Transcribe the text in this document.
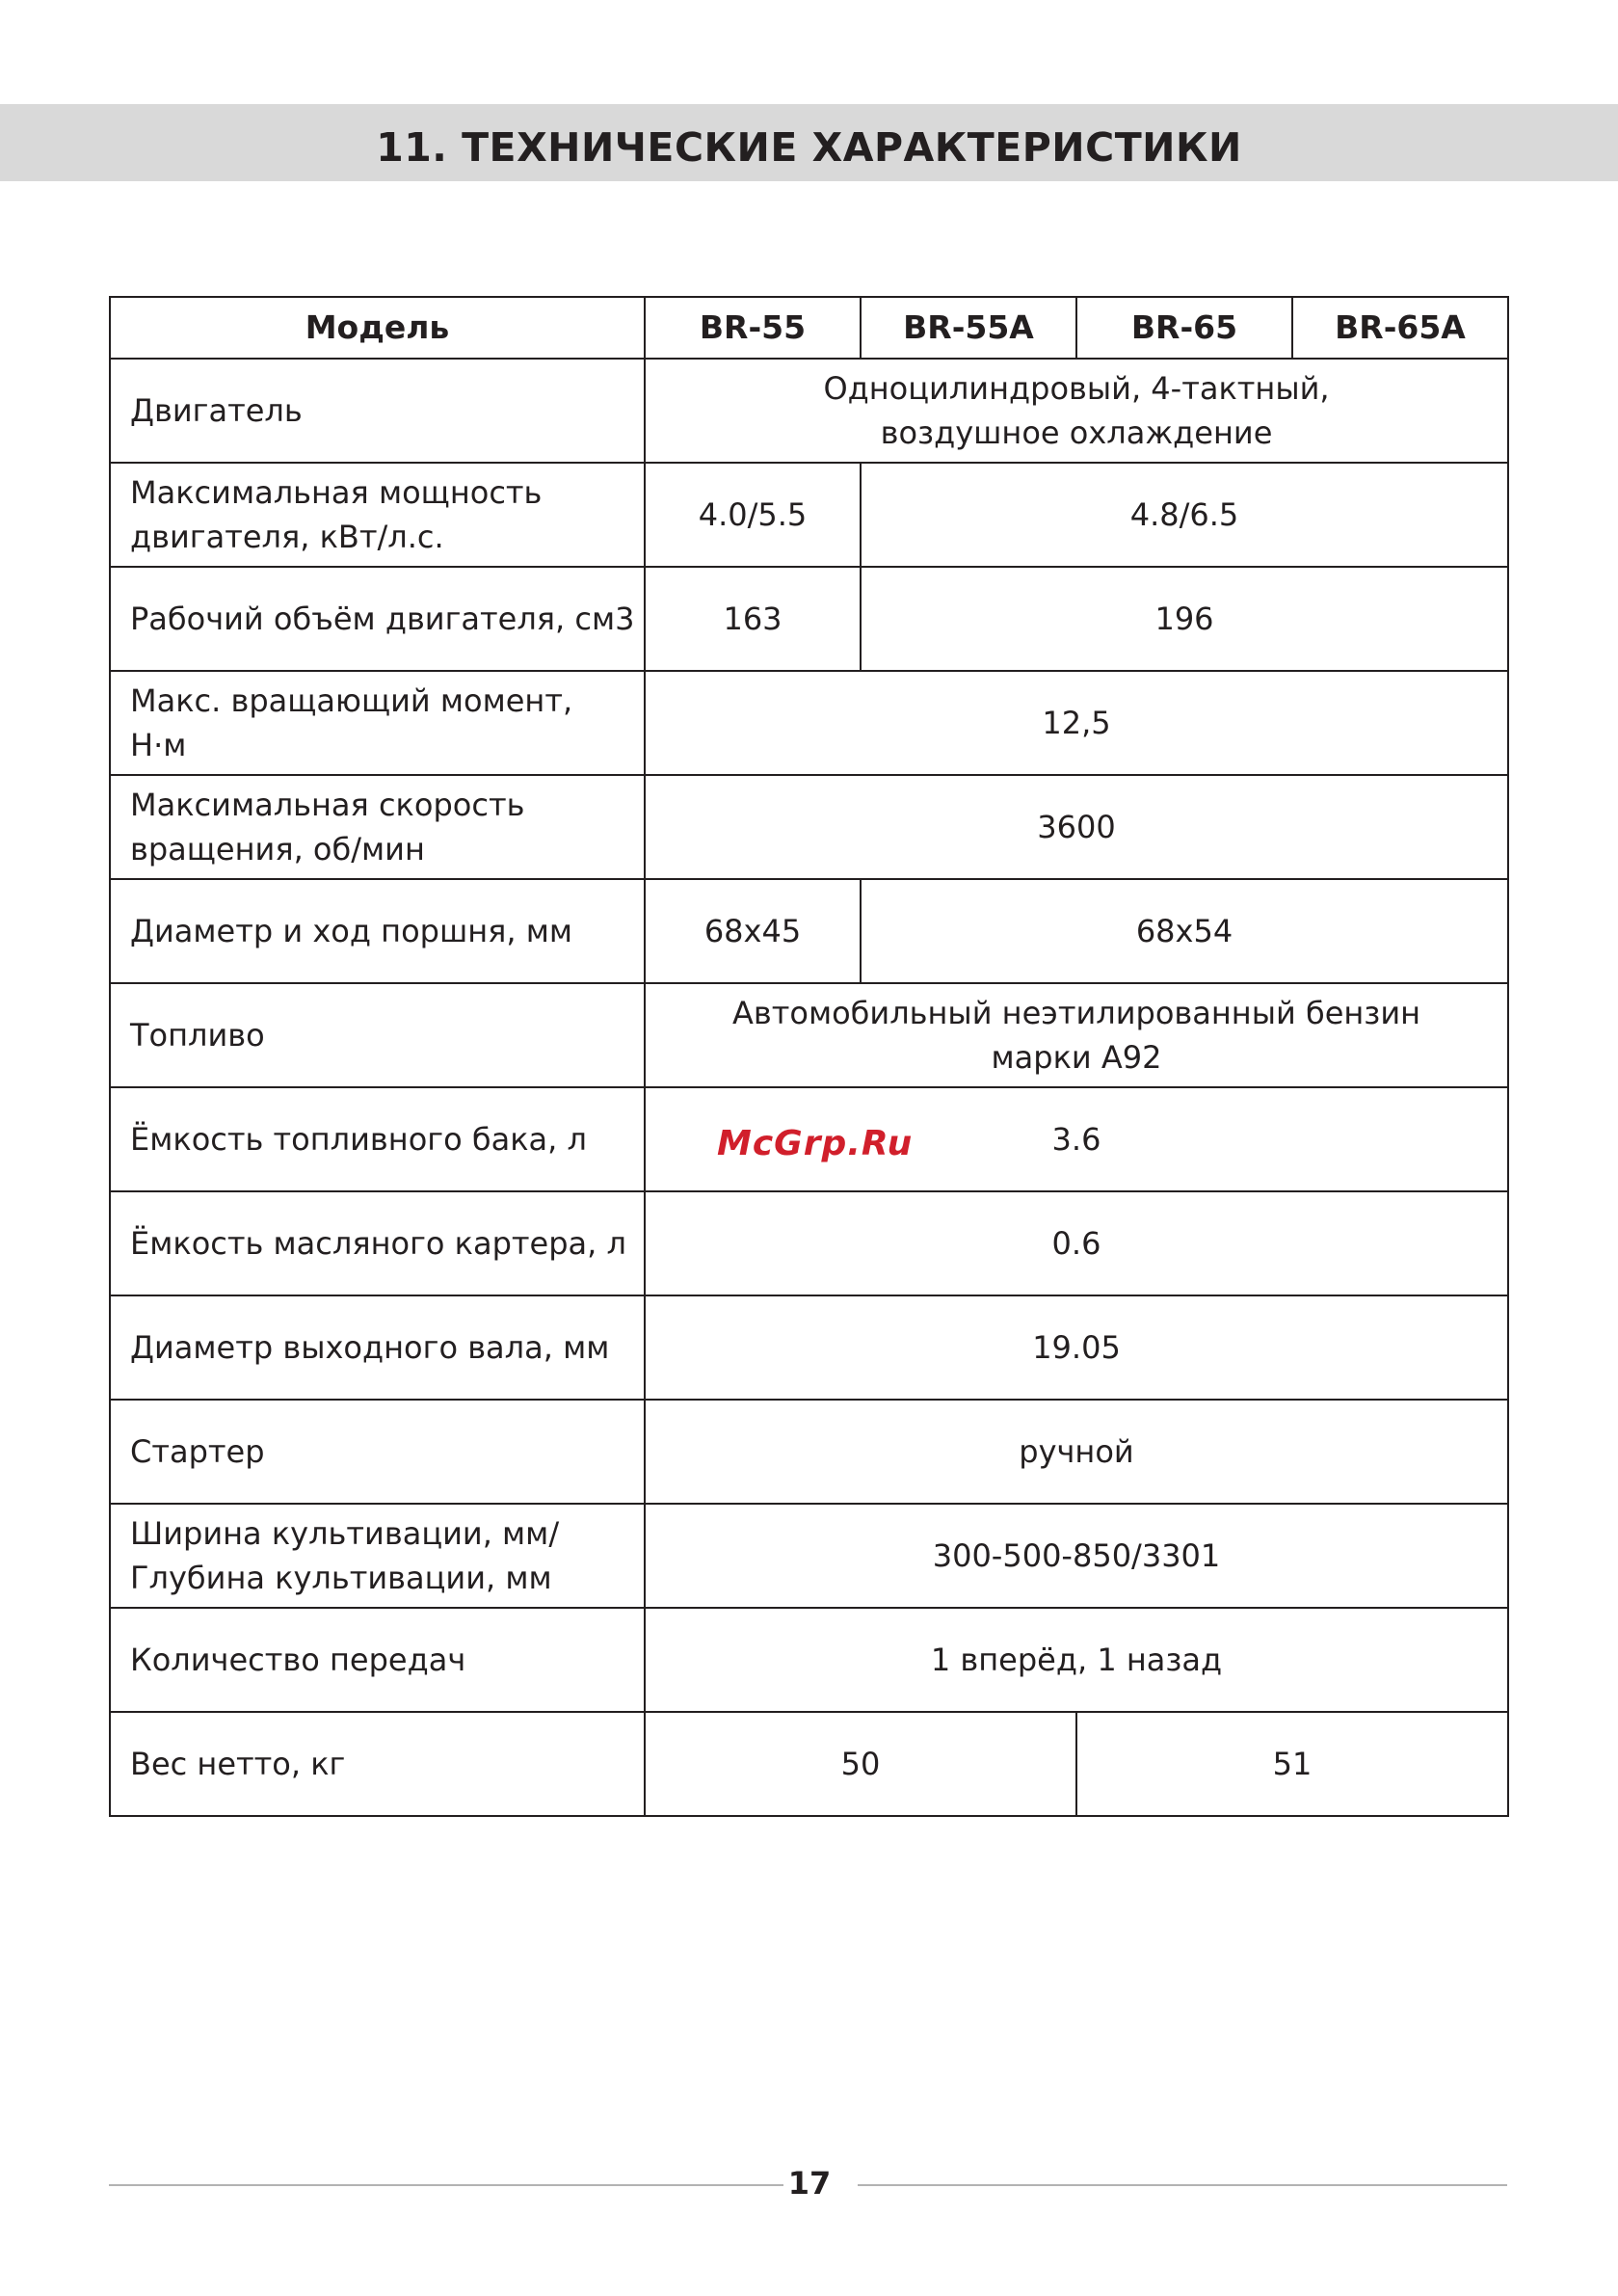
11. ТЕХНИЧЕСКИЕ ХАРАКТЕРИСТИКИ
Модель	BR-55	BR-55A	BR-65	BR-65A
Двигатель	Одноцилиндровый, 4-тактный,
воздушное охлаждение			
Максимальная мощность
двигателя, кВт/л.с.	4.0/5.5	4.8/6.5		
Рабочий объём двигателя, см3	163	196		
Макс. вращающий момент, Н·м	12,5			
Максимальная скорость
вращения, об/мин	3600			
Диаметр и ход поршня, мм	68x45	68x54		
Топливо	Автомобильный неэтилированный бензин
марки А92			
Ёмкость топливного бака, л	3.6			
Ёмкость масляного картера, л	0.6			
Диаметр выходного вала, мм	19.05			
Стартер	ручной			
Ширина культивации, мм/
Глубина культивации, мм	300-500-850/3301			
Количество передач	1 вперёд, 1 назад			
Вес нетто, кг	50		51	
McGrp.Ru
17
